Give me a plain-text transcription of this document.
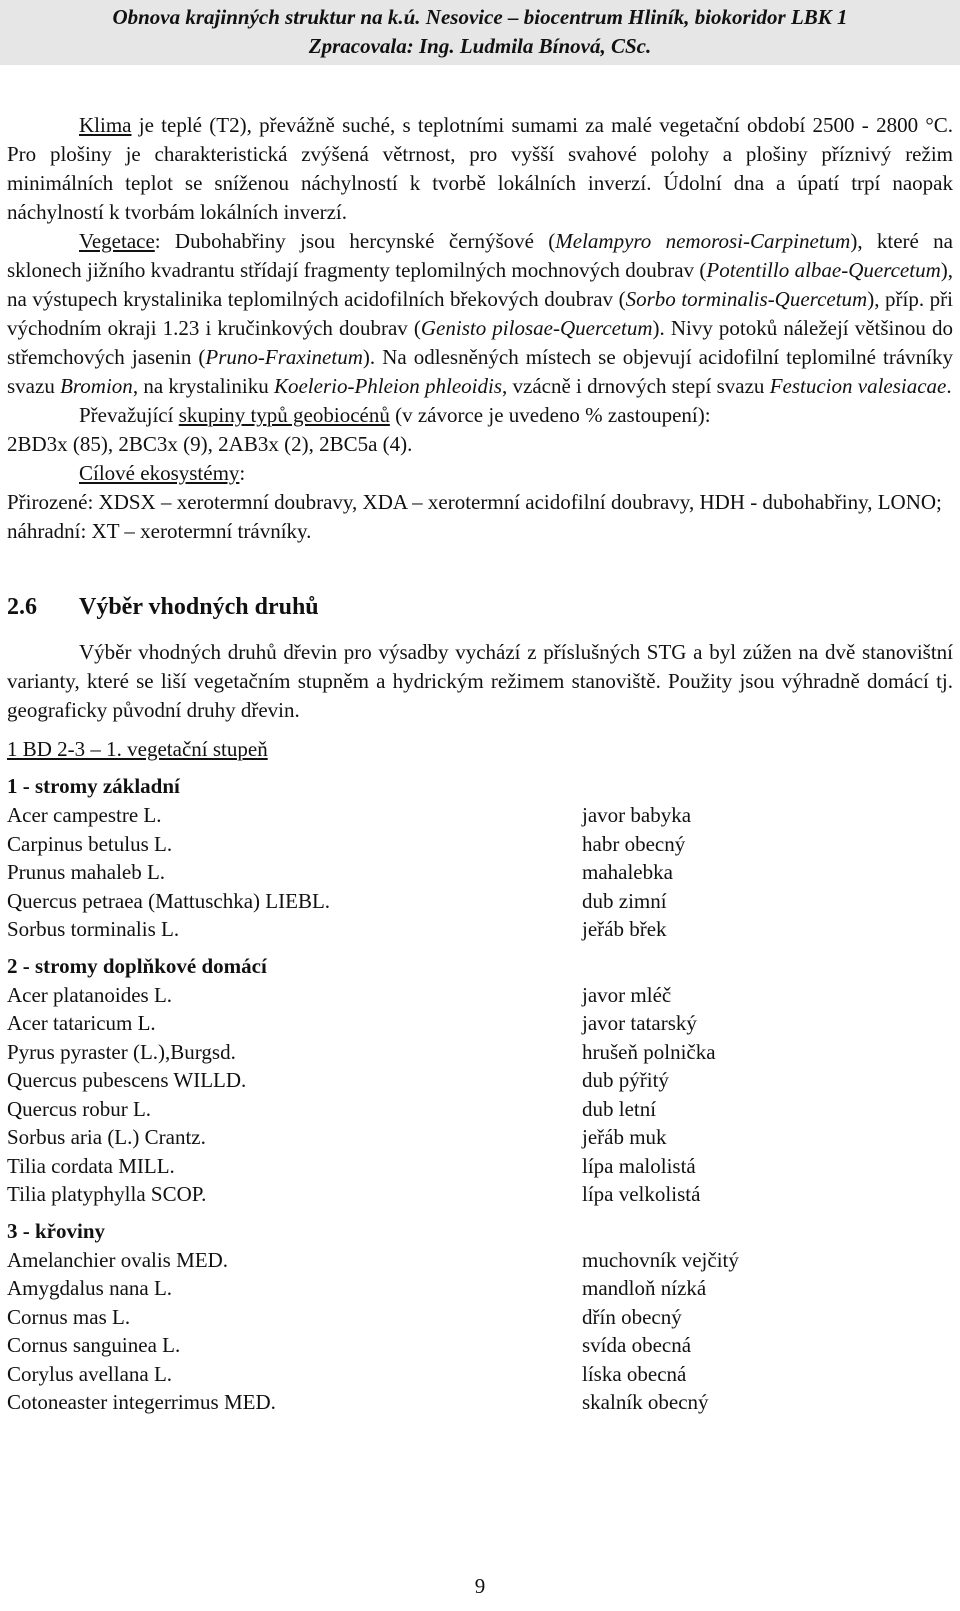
Obnova krajinných struktur na k.ú. Nesovice – biocentrum Hliník, biokoridor LBK 1
Zpracovala: Ing. Ludmila Bínová, CSc.

Klima je teplé (T2), převážně suché, s teplotními sumami za malé vegetační období 2500 - 2800 °C. Pro plošiny je charakteristická zvýšená větrnost, pro vyšší svahové polohy a plošiny příznivý režim minimálních teplot se sníženou náchylností k tvorbě lokálních inverzí. Údolní dna a úpatí trpí naopak náchylností k tvorbám lokálních inverzí.

Vegetace: Dubohabřiny jsou hercynské černýšové (Melampyro nemorosi-Carpinetum), které na sklonech jižního kvadrantu střídají fragmenty teplomilných mochnových doubrav (Potentillo albae-Quercetum), na výstupech krystalinika teplomilných acidofilních břekových doubrav (Sorbo torminalis-Quercetum), příp. při východním okraji 1.23 i kručinkových doubrav (Genisto pilosae-Quercetum). Nivy potoků náležejí většinou do střemchových jasenin (Pruno-Fraxinetum). Na odlesněných místech se objevují acidofilní teplomilné trávníky svazu Bromion, na krystaliniku Koelerio-Phleion phleoidis, vzácně i drnových stepí svazu Festucion valesiacae.

Převažující skupiny typů geobiocénů (v závorce je uvedeno % zastoupení):

2BD3x (85), 2BC3x (9), 2AB3x (2), 2BC5a (4).

Cílové ekosystémy:

Přirozené: XDSX – xerotermní doubravy, XDA – xerotermní acidofilní doubravy, HDH - dubohabřiny, LONO;

náhradní: XT – xerotermní trávníky.

2.6 Výběr vhodných druhů

Výběr vhodných druhů dřevin pro výsadby vychází z příslušných STG a byl zúžen na dvě stanovištní varianty, které se liší vegetačním stupněm a hydrickým režimem stanoviště. Použity jsou výhradně domácí tj. geograficky původní druhy dřevin.

1 BD 2-3 – 1. vegetační stupeň

1 - stromy základní
Acer campestre L.	javor babyka
Carpinus betulus L.	habr obecný
Prunus mahaleb L.	mahalebka
Quercus petraea (Mattuschka) LIEBL.	dub zimní
Sorbus torminalis L.	jeřáb břek
2 - stromy doplňkové domácí
Acer platanoides L.	javor mléč
Acer tataricum L.	javor tatarský
Pyrus pyraster (L.),Burgsd.	hrušeň polnička
Quercus pubescens WILLD.	dub pýřitý
Quercus robur L.	dub letní
Sorbus aria (L.) Crantz.	jeřáb muk
Tilia cordata MILL.	lípa malolistá
Tilia platyphylla SCOP.	lípa velkolistá
3 - křoviny
Amelanchier ovalis MED.	muchovník vejčitý
Amygdalus nana L.	mandloň nízká
Cornus mas L.	dřín obecný
Cornus sanguinea L.	svída obecná
Corylus avellana L.	líska obecná
Cotoneaster integerrimus MED.	skalník obecný
9
